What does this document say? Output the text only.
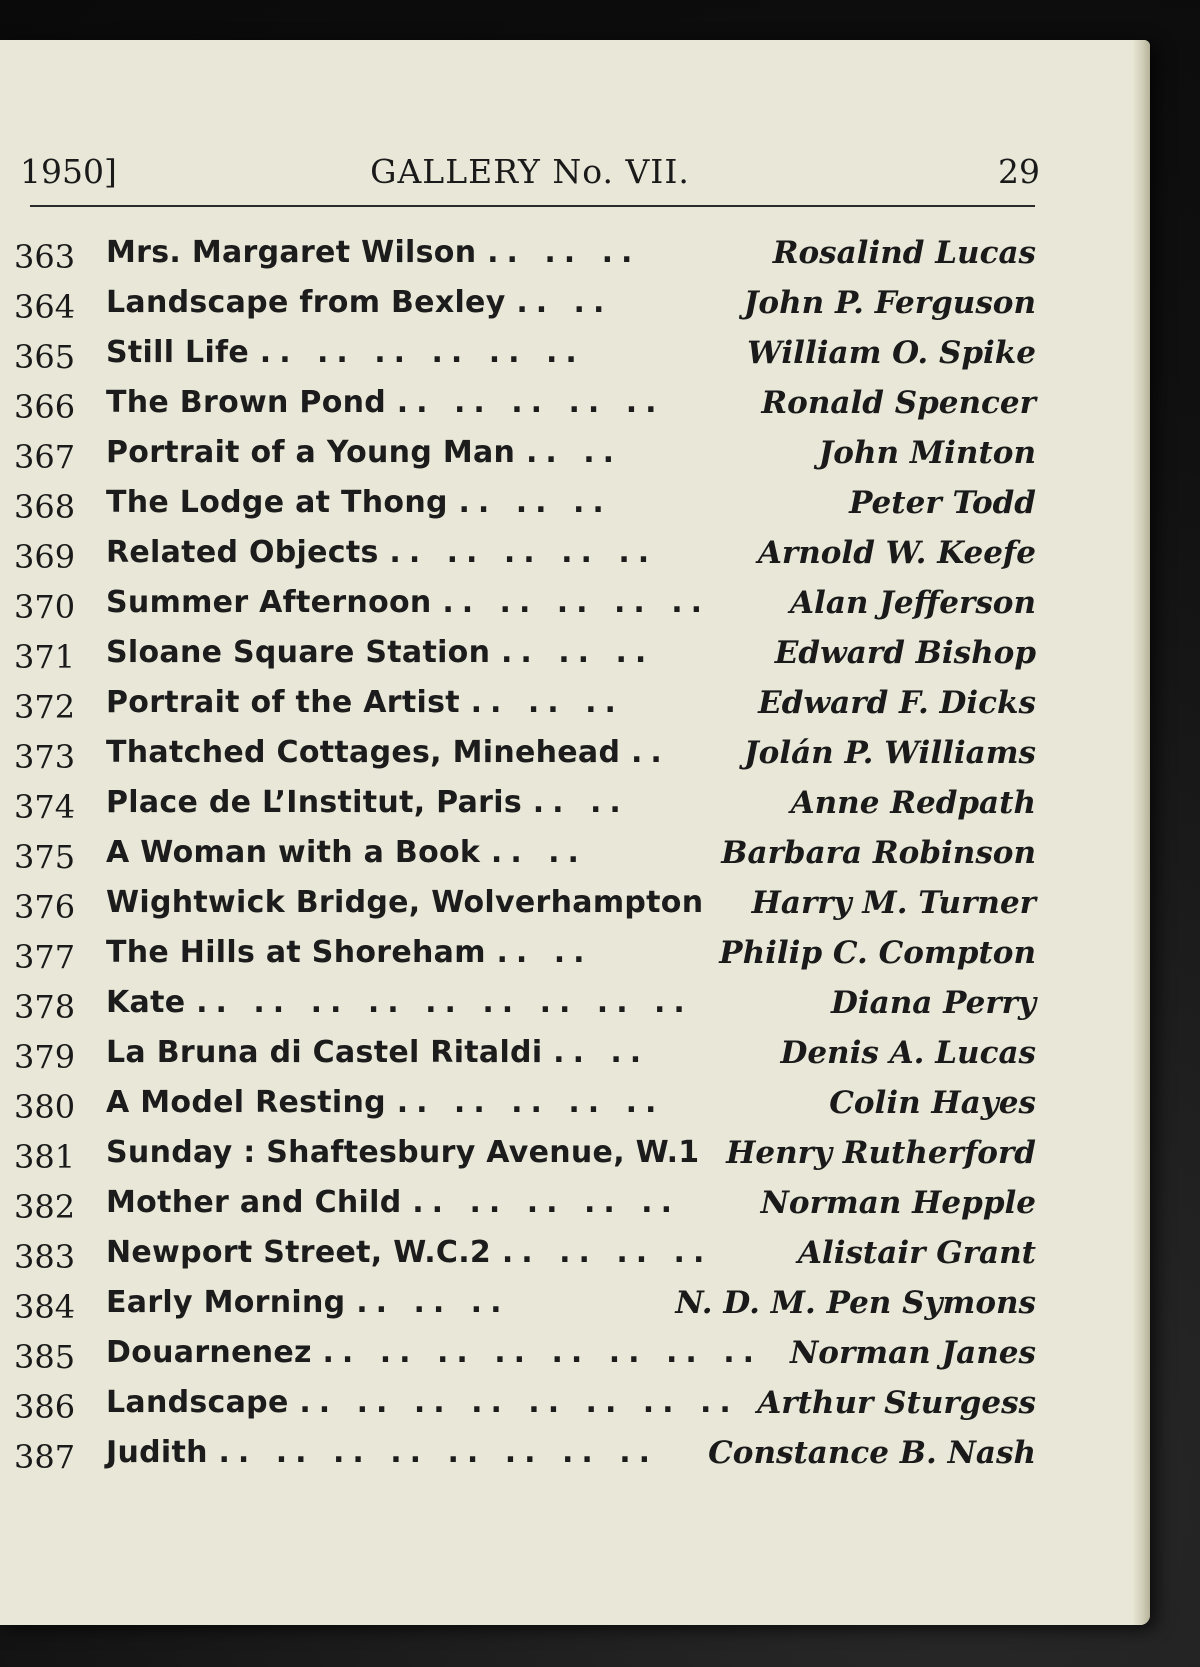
1950]	GALLERY No. VII.	29
363 Mrs. Margaret Wilson .. .. ..	Rosalind Lucas
364 Landscape from Bexley .. ..	John P. Ferguson
365 Still Life .. .. .. .. .. ..	William O. Spike
366 The Brown Pond .. .. .. .. ..	Ronald Spencer
367 Portrait of a Young Man .. ..	John Minton
368 The Lodge at Thong .. .. ..	Peter Todd
369 Related Objects .. .. .. .. ..	Arnold W. Keefe
370 Summer Afternoon .. .. .. .. ..	Alan Jefferson
371 Sloane Square Station .. .. ..	Edward Bishop
372 Portrait of the Artist .. .. ..	Edward F. Dicks
373 Thatched Cottages, Minehead .. Jolán P. Williams
374 Place de L’Institut, Paris .. ..	Anne Redpath
375 A Woman with a Book .. ..	Barbara Robinson
376 Wightwick Bridge, Wolverhampton Harry M. Turner
377 The Hills at Shoreham .. ..	Philip C. Compton
378 Kate .. .. .. .. .. .. .. .. ..	Diana Perry
379 La Bruna di Castel Ritaldi .. ..	Denis A. Lucas
380 A Model Resting .. .. .. .. ..	Colin Hayes
381 Sunday : Shaftesbury Avenue, W.1 Henry Rutherford
382 Mother and Child .. .. .. .. ..	Norman Hepple
383 Newport Street, W.C.2 .. .. .. ..	Alistair Grant
384 Early Morning .. .. ..	N. D. M. Pen Symons
385 Douarnenez .. .. .. .. .. .. .. .. Norman Janes
386 Landscape .. .. .. .. .. .. .. .. Arthur Sturgess
387 Judith .. .. .. .. .. .. .. .. Constance B. Nash
